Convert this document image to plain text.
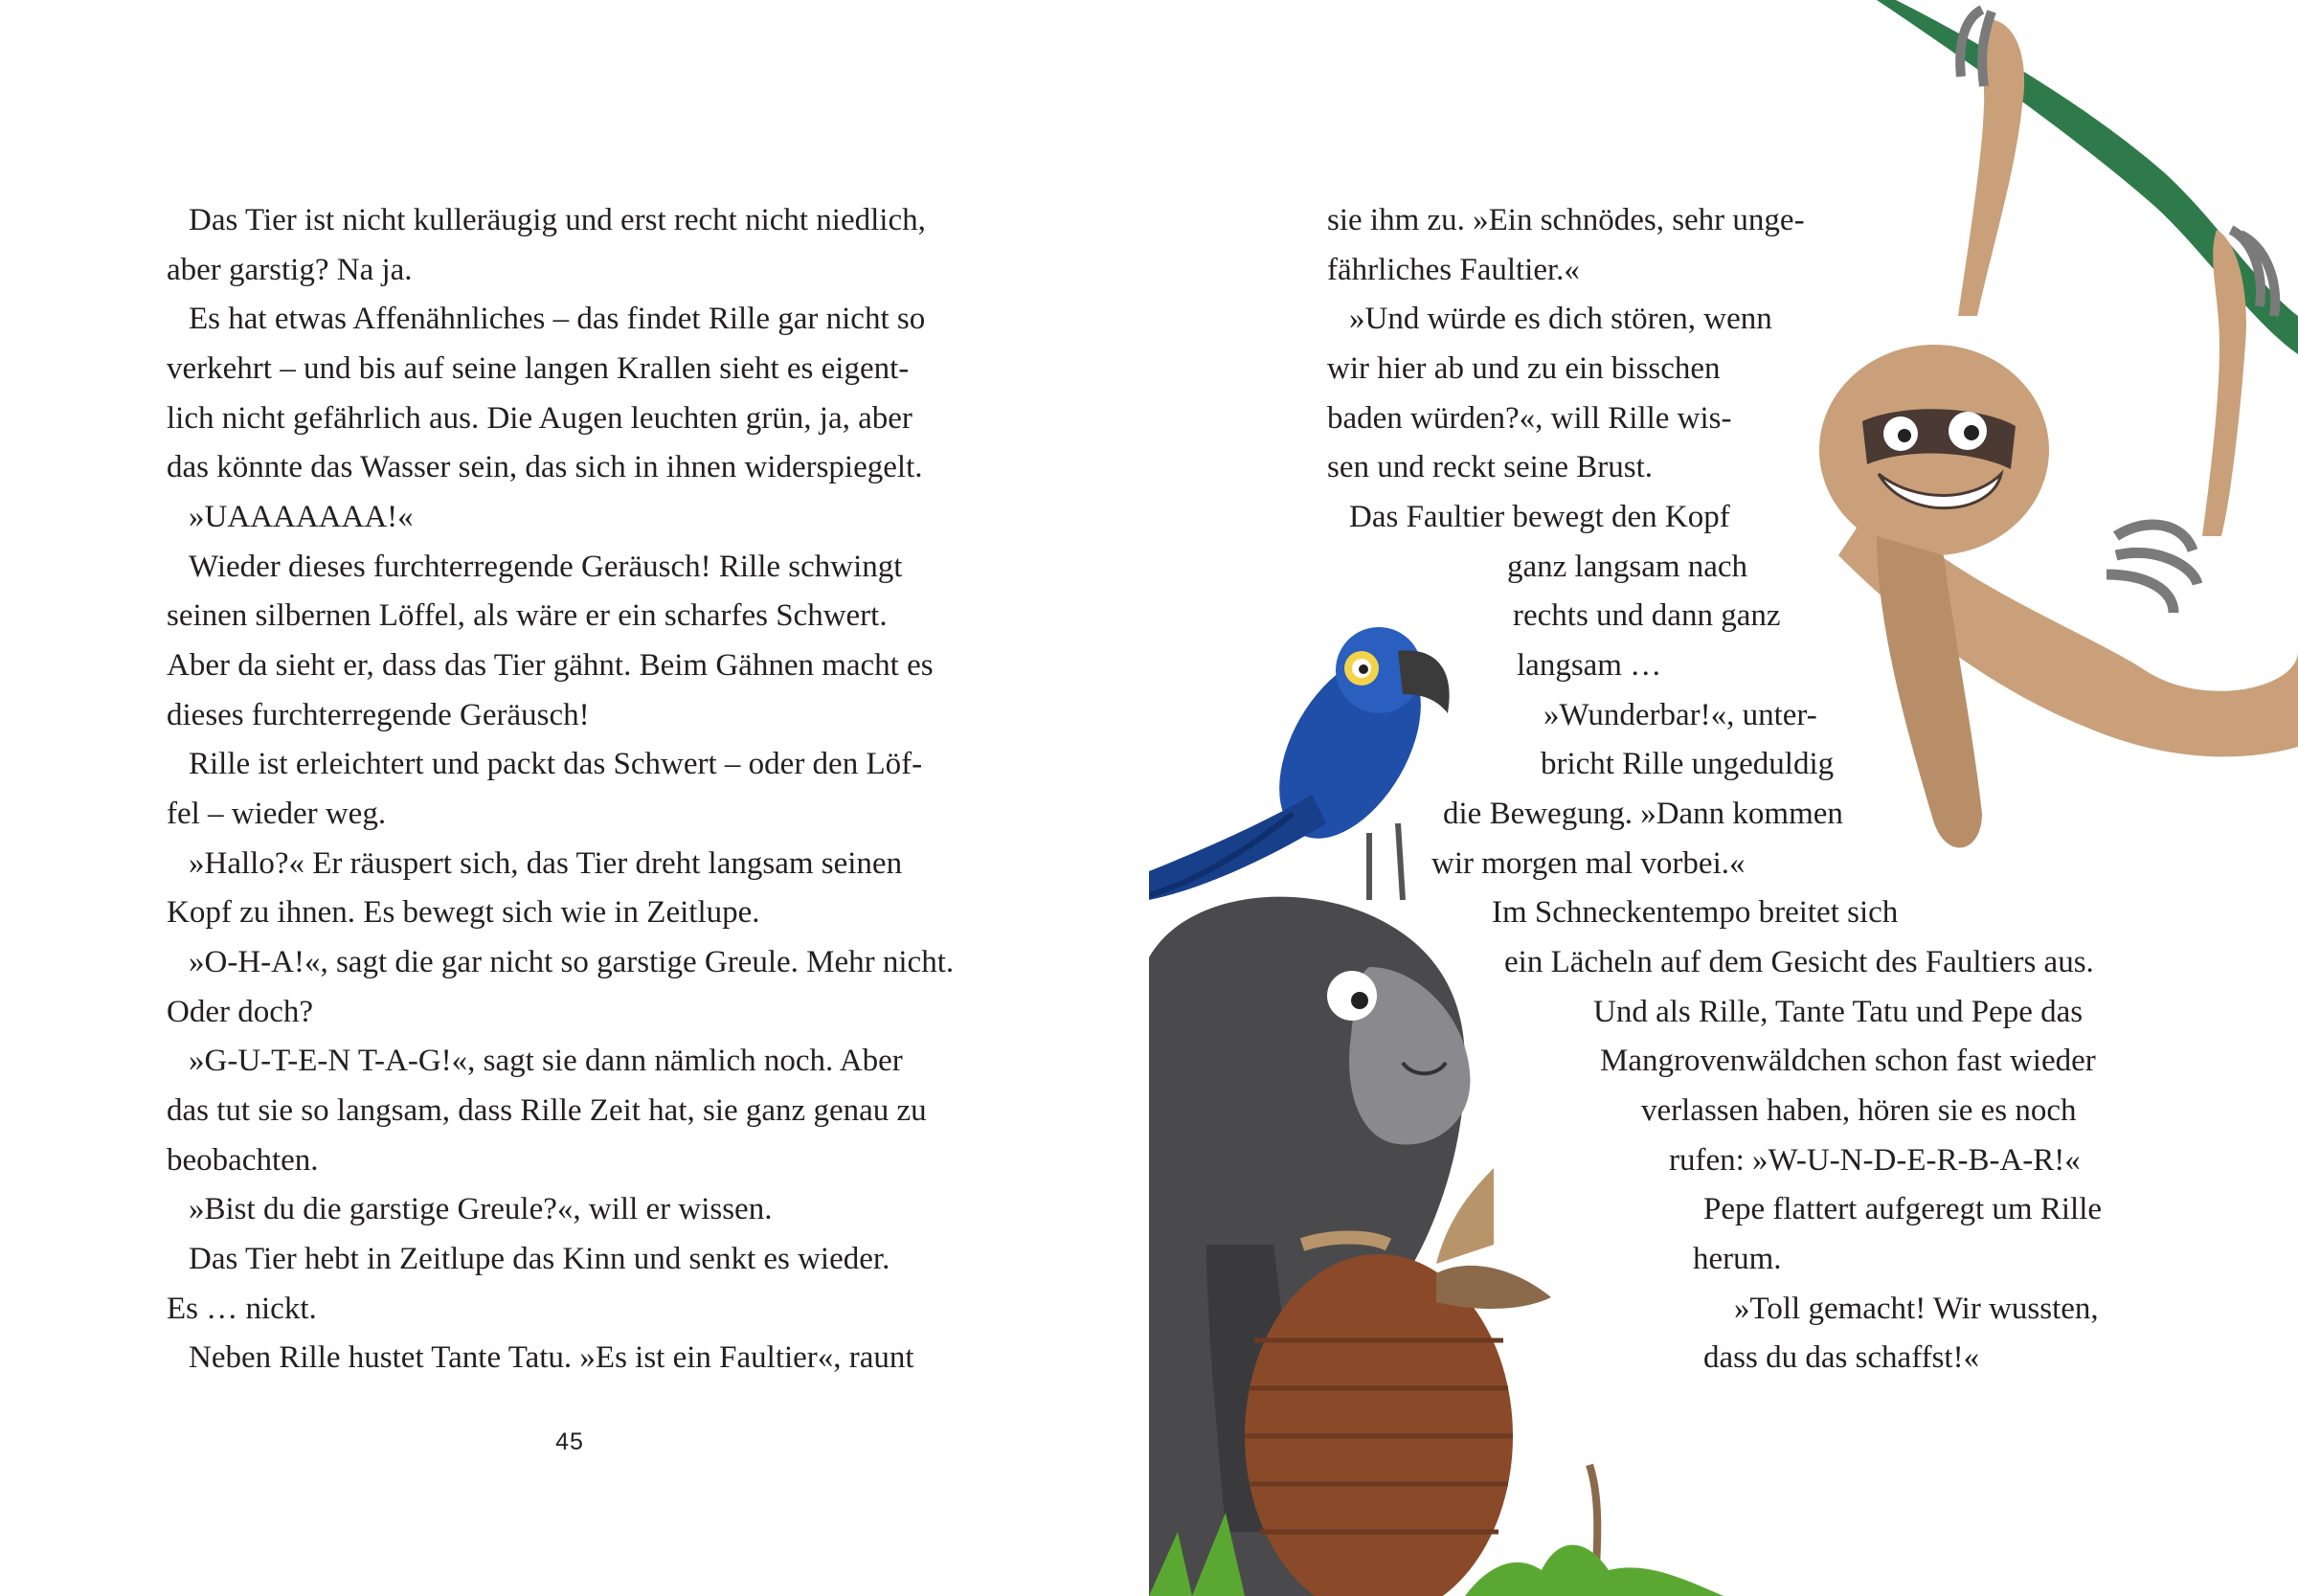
Das Tier ist nicht kulleräugig und erst recht nicht niedlich,
aber garstig? Na ja.
Es hat etwas Affenähnliches – das findet Rille gar nicht so
verkehrt – und bis auf seine langen Krallen sieht es eigent-
lich nicht gefährlich aus. Die Augen leuchten grün, ja, aber
das könnte das Wasser sein, das sich in ihnen widerspiegelt.
»UAAAAAAA!«
Wieder dieses furchterregende Geräusch! Rille schwingt
seinen silbernen Löffel, als wäre er ein scharfes Schwert.
Aber da sieht er, dass das Tier gähnt. Beim Gähnen macht es
dieses furchterregende Geräusch!
Rille ist erleichtert und packt das Schwert – oder den Löf-
fel – wieder weg.
»Hallo?« Er räuspert sich, das Tier dreht langsam seinen
Kopf zu ihnen. Es bewegt sich wie in Zeitlupe.
»O-H-A!«, sagt die gar nicht so garstige Greule. Mehr nicht.
Oder doch?
»G-U-T-E-N T-A-G!«, sagt sie dann nämlich noch. Aber
das tut sie so langsam, dass Rille Zeit hat, sie ganz genau zu
beobachten.
»Bist du die garstige Greule?«, will er wissen.
Das Tier hebt in Zeitlupe das Kinn und senkt es wieder.
Es … nickt.
Neben Rille hustet Tante Tatu. »Es ist ein Faultier«, raunt
45
sie ihm zu. »Ein schnödes, sehr unge-
fährliches Faultier.«
»Und würde es dich stören, wenn
wir hier ab und zu ein bisschen
baden würden?«, will Rille wis-
sen und reckt seine Brust.
Das Faultier bewegt den Kopf
ganz langsam nach
rechts und dann ganz
langsam …
»Wunderbar!«, unter-
bricht Rille ungeduldig
die Bewegung. »Dann kommen
wir morgen mal vorbei.«
Im Schneckentempo breitet sich
ein Lächeln auf dem Gesicht des Faultiers aus.
Und als Rille, Tante Tatu und Pepe das
Mangrovenwäldchen schon fast wieder
verlassen haben, hören sie es noch
rufen: »W-U-N-D-E-R-B-A-R!«
Pepe flattert aufgeregt um Rille
herum.
»Toll gemacht! Wir wussten,
dass du das schaffst!«
